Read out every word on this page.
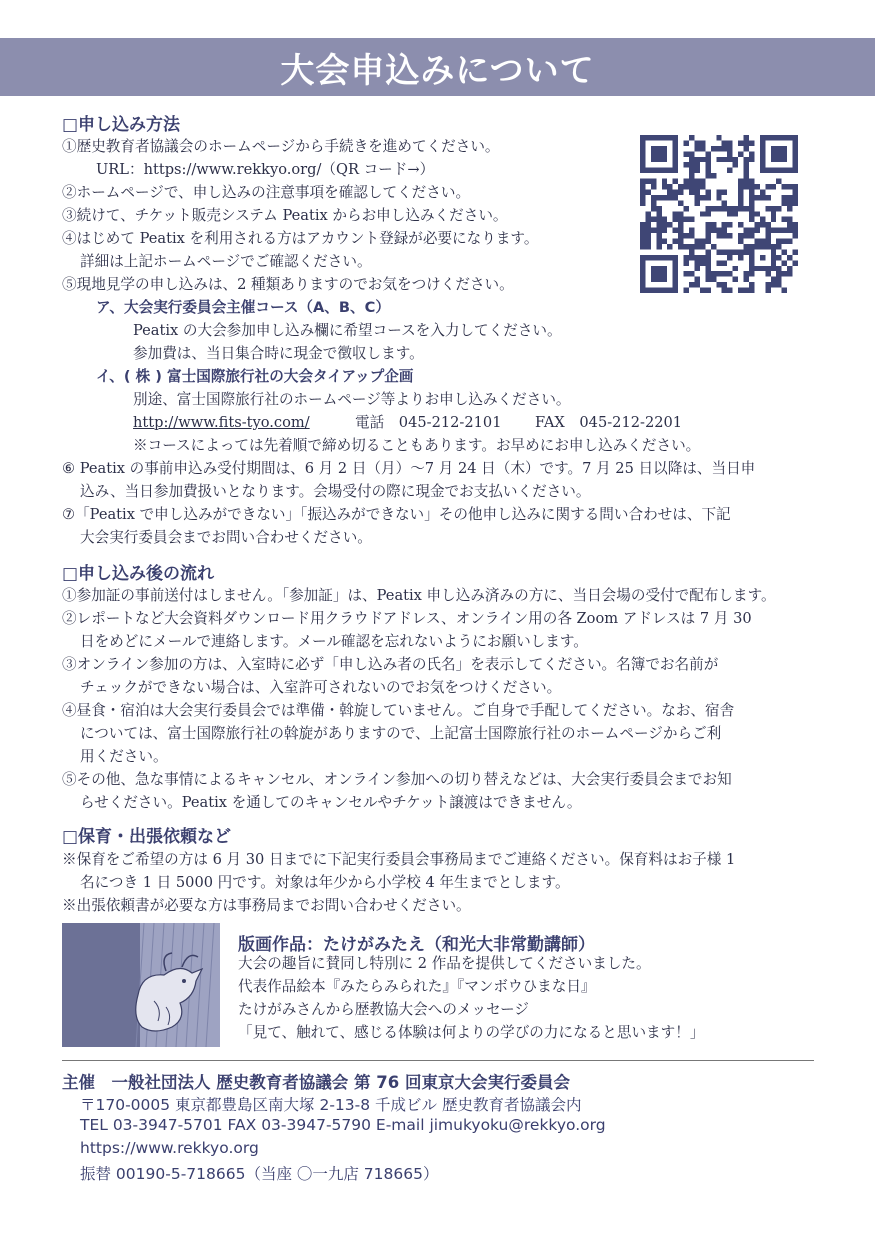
大会申込みについて
□申し込み方法
①歴史教育者協議会のホームページから手続きを進めてください。
URL：https://www.rekkyo.org/（QR コード→）
②ホームページで、申し込みの注意事項を確認してください。
③続けて、チケット販売システム Peatix からお申し込みください。
④はじめて Peatix を利用される方はアカウント登録が必要になります。
詳細は上記ホームページでご確認ください。
⑤現地見学の申し込みは、2 種類ありますのでお気をつけください。
ア、大会実行委員会主催コース（A、B、C）
Peatix の大会参加申し込み欄に希望コースを入力してください。
参加費は、当日集合時に現金で徴収します。
イ、( 株 ) 富士国際旅行社の大会タイアップ企画
別途、富士国際旅行社のホームページ等よりお申し込みください。
http://www.fits-tyo.com/	電話　045-212-2101 FAX　045-212-2201
※コースによっては先着順で締め切ることもあります。お早めにお申し込みください。
⑥ Peatix の事前申込み受付期間は、6 月 2 日（月）～7 月 24 日（木）です。7 月 25 日以降は、当日申
込み、当日参加費扱いとなります。会場受付の際に現金でお支払いください。
⑦「Peatix で申し込みができない」「振込みができない」その他申し込みに関する問い合わせは、下記
大会実行委員会までお問い合わせください。
□申し込み後の流れ
①参加証の事前送付はしません。「参加証」は、Peatix 申し込み済みの方に、当日会場の受付で配布します。
②レポートなど大会資料ダウンロード用クラウドアドレス、オンライン用の各 Zoom アドレスは 7 月 30
日をめどにメールで連絡します。メール確認を忘れないようにお願いします。
③オンライン参加の方は、入室時に必ず「申し込み者の氏名」を表示してください。名簿でお名前が
チェックができない場合は、入室許可されないのでお気をつけください。
④昼食・宿泊は大会実行委員会では準備・斡旋していません。ご自身で手配してください。なお、宿舎
については、富士国際旅行社の斡旋がありますので、上記富士国際旅行社のホームページからご利
用ください。
⑤その他、急な事情によるキャンセル、オンライン参加への切り替えなどは、大会実行委員会までお知
らせください。Peatix を通してのキャンセルやチケット譲渡はできません。
□保育・出張依頼など
※保育をご希望の方は 6 月 30 日までに下記実行委員会事務局までご連絡ください。保育料はお子様 1
名につき 1 日 5000 円です。対象は年少から小学校 4 年生までとします。
※出張依頼書が必要な方は事務局までお問い合わせください。
版画作品：たけがみたえ（和光大非常勤講師）
大会の趣旨に賛同し特別に 2 作品を提供してくださいました。
代表作品絵本『みたらみられた』『マンボウひまな日』
たけがみさんから歴教協大会へのメッセージ
「見て、触れて、感じる体験は何よりの学びの力になると思います！」
主催　一般社団法人 歴史教育者協議会 第 76 回東京大会実行委員会
〒170-0005 東京都豊島区南大塚 2-13-8 千成ビル 歴史教育者協議会内
TEL 03-3947-5701 FAX 03-3947-5790 E-mail jimukyoku@rekkyo.org
https://www.rekkyo.org
振替 00190-5-718665（当座 〇一九店 718665）
